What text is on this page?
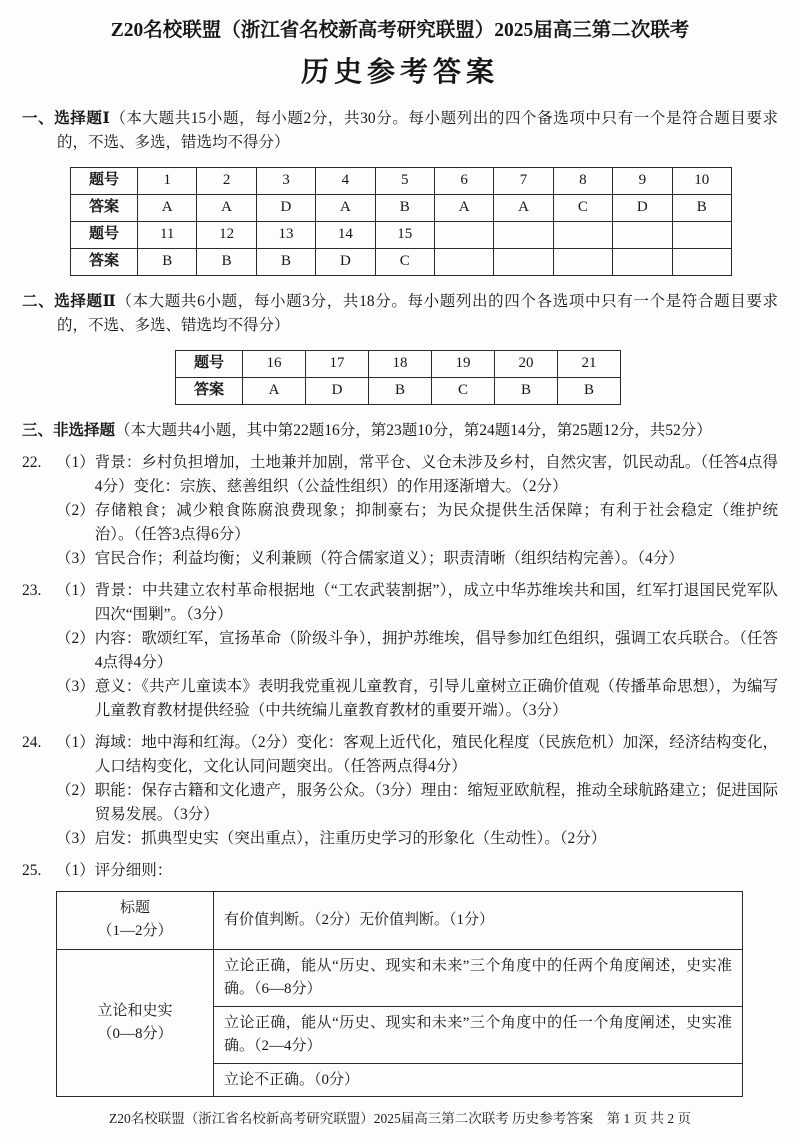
Z20名校联盟（浙江省名校新高考研究联盟）2025届高三第二次联考
历史参考答案
一、选择题Ⅰ（本大题共15小题，每小题2分，共30分。每小题列出的四个备选项中只有一个是符合题目要求的，不选、多选，错选均不得分）
题号	1	2	3	4	5	6	7	8	9	10
答案	A	A	D	A	B	A	A	C	D	B
题号	11	12	13	14	15					
答案	B	B	B	D	C					
二、选择题Ⅱ（本大题共6小题，每小题3分，共18分。每小题列出的四个各选项中只有一个是符合题目要求的，不选、多选、错选均不得分）
题号	16	17	18	19	20	21
答案	A	D	B	C	B	B
三、非选择题（本大题共4小题，其中第22题16分，第23题10分，第24题14分，第25题12分，共52分）
22. （1） 背景：乡村负担增加，土地兼并加剧，常平仓、义仓未涉及乡村，自然灾害，饥民动乱。（任答4点得4分）变化：宗族、慈善组织（公益性组织）的作用逐渐增大。（2分）
（2） 存储粮食；减少粮食陈腐浪费现象；抑制豪右；为民众提供生活保障；有利于社会稳定（维护统治）。（任答3点得6分）
（3） 官民合作；利益均衡；义利兼顾（符合儒家道义）；职责清晰（组织结构完善）。（4分）
23. （1） 背景：中共建立农村革命根据地（“工农武装割据”），成立中华苏维埃共和国，红军打退国民党军队四次“围剿”。（3分）
（2） 内容：歌颂红军，宣扬革命（阶级斗争），拥护苏维埃，倡导参加红色组织，强调工农兵联合。（任答4点得4分）
（3） 意义：《共产儿童读本》表明我党重视儿童教育，引导儿童树立正确价值观（传播革命思想），为编写儿童教育教材提供经验（中共统编儿童教育教材的重要开端）。（3分）
24. （1） 海域：地中海和红海。（2分）变化：客观上近代化，殖民化程度（民族危机）加深，经济结构变化，人口结构变化，文化认同问题突出。（任答两点得4分）
（2） 职能：保存古籍和文化遗产，服务公众。（3分）理由：缩短亚欧航程，推动全球航路建立；促进国际贸易发展。（3分）
（3） 启发：抓典型史实（突出重点），注重历史学习的形象化（生动性）。（2分）
25. （1） 评分细则：
标题
（1—2分）	有价值判断。（2分）无价值判断。（1分）

立论和史实
（0—8分）	立论正确，能从“历史、现实和未来”三个角度中的任两个角度阐述，史实准确。（6—8分）
	立论正确，能从“历史、现实和未来”三个角度中的任一个角度阐述，史实准确。（2—4分）
	立论不正确。（0分）
Z20名校联盟（浙江省名校新高考研究联盟）2025届高三第二次联考 历史参考答案　第 1 页 共 2 页
